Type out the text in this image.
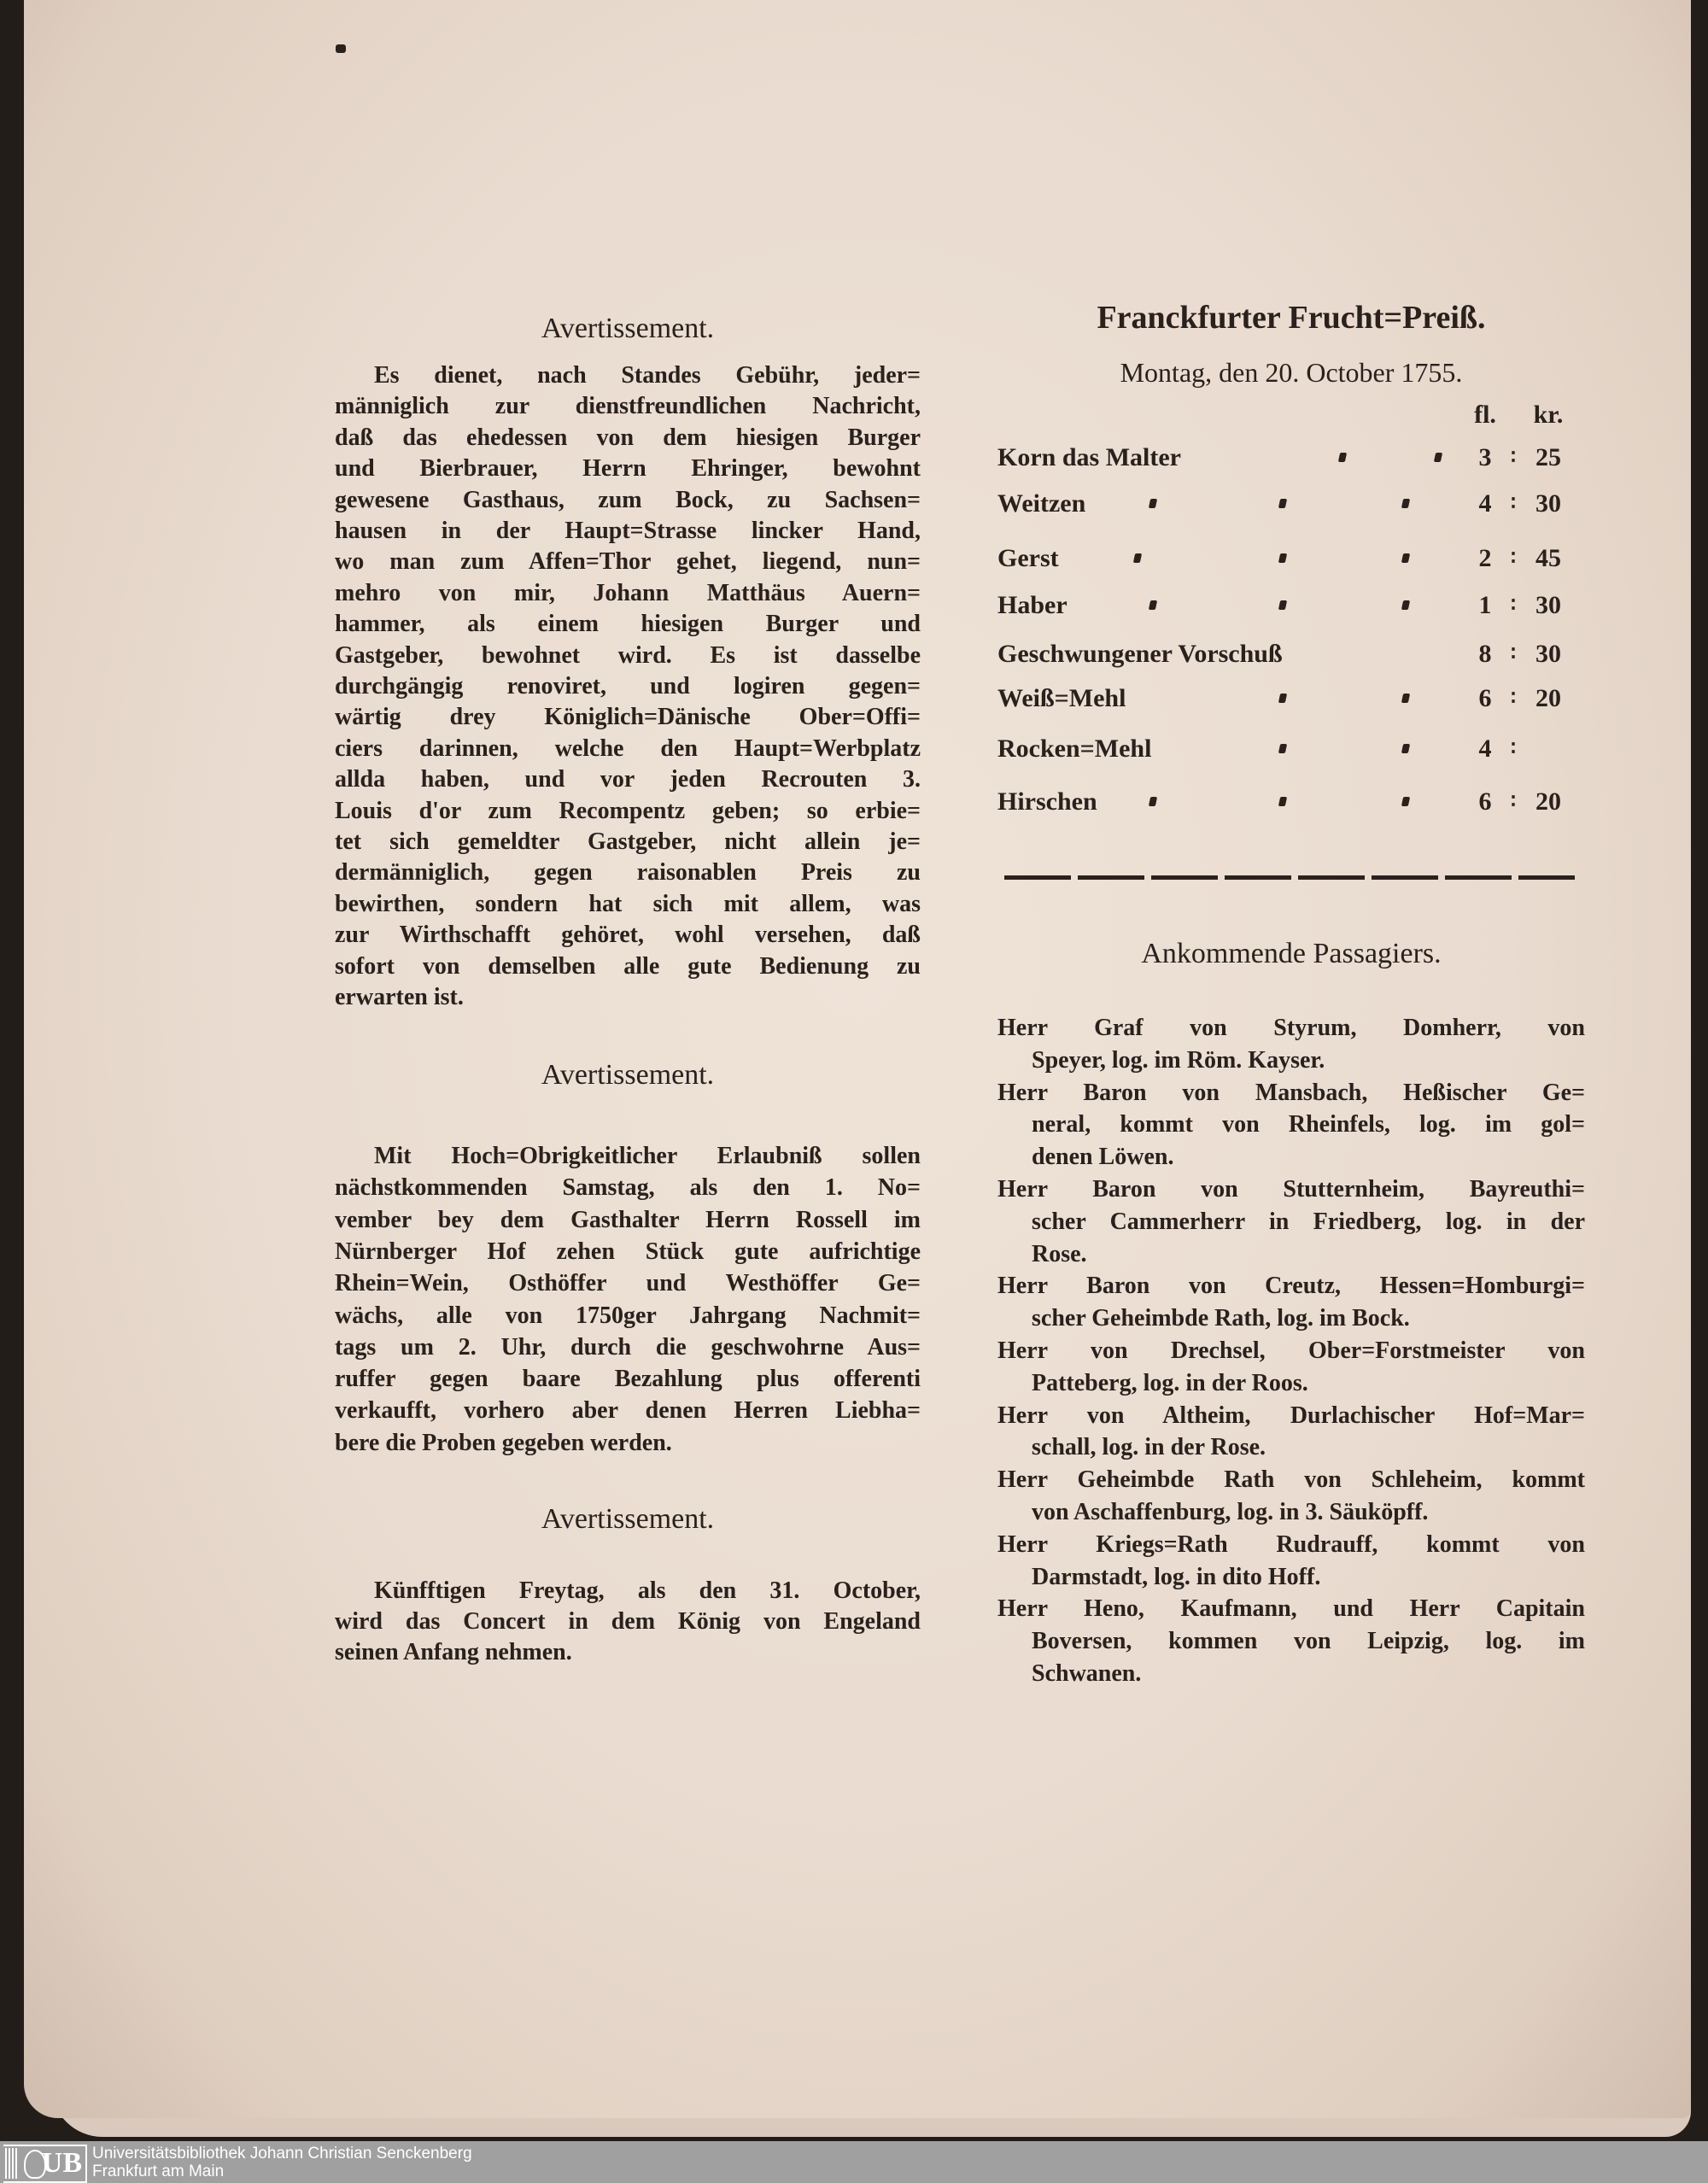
Avertissement.
Es dienet, nach Standes Gebühr, jeder=
männiglich zur dienstfreundlichen Nachricht,
daß das ehedessen von dem hiesigen Burger
und Bierbrauer, Herrn Ehringer, bewohnt
gewesene Gasthaus, zum Bock, zu Sachsen=
hausen in der Haupt=Strasse lincker Hand,
wo man zum Affen=Thor gehet, liegend, nun=
mehro von mir, Johann Matthäus Auern=
hammer, als einem hiesigen Burger und
Gastgeber, bewohnet wird. Es ist dasselbe
durchgängig renoviret, und logiren gegen=
wärtig drey Königlich=Dänische Ober=Offi=
ciers darinnen, welche den Haupt=Werbplatz
allda haben, und vor jeden Recrouten 3.
Louis d'or zum Recompentz geben; so erbie=
tet sich gemeldter Gastgeber, nicht allein je=
dermänniglich, gegen raisonablen Preis zu
bewirthen, sondern hat sich mit allem, was
zur Wirthschafft gehöret, wohl versehen, daß
sofort von demselben alle gute Bedienung zu
erwarten ist.
Avertissement.
Mit Hoch=Obrigkeitlicher Erlaubniß sollen
nächstkommenden Samstag, als den 1. No=
vember bey dem Gasthalter Herrn Rossell im
Nürnberger Hof zehen Stück gute aufrichtige
Rhein=Wein, Osthöffer und Westhöffer Ge=
wächs, alle von 1750ger Jahrgang Nachmit=
tags um 2. Uhr, durch die geschwohrne Aus=
ruffer gegen baare Bezahlung plus offerenti
verkaufft, vorhero aber denen Herren Liebha=
bere die Proben gegeben werden.
Avertissement.
Künfftigen Freytag, als den 31. October,
wird das Concert in dem König von Engeland
seinen Anfang nehmen.
Franckfurter Frucht=Preiß.
Montag, den 20. October 1755.
fl. kr.
Korn das Malter	3 ∶ 25
Weitzen	4 ∶ 30
Gerst	2 ∶ 45
Haber	1 ∶ 30
Geschwungener Vorschuß	8 ∶ 30
Weiß=Mehl	6 ∶ 20
Rocken=Mehl	4 ∶
Hirschen	6 ∶ 20
Ankommende Passagiers.
Herr Graf von Styrum, Domherr, von
Speyer, log. im Röm. Kayser.
Herr Baron von Mansbach, Heßischer Ge=
neral, kommt von Rheinfels, log. im gol=
denen Löwen.
Herr Baron von Stutternheim, Bayreuthi=
scher Cammerherr in Friedberg, log. in der
Rose.
Herr Baron von Creutz, Hessen=Homburgi=
scher Geheimbde Rath, log. im Bock.
Herr von Drechsel, Ober=Forstmeister von
Patteberg, log. in der Roos.
Herr von Altheim, Durlachischer Hof=Mar=
schall, log. in der Rose.
Herr Geheimbde Rath von Schleheim, kommt
von Aschaffenburg, log. in 3. Säuköpff.
Herr Kriegs=Rath Rudrauff, kommt von
Darmstadt, log. in dito Hoff.
Herr Heno, Kaufmann, und Herr Capitain
Boversen, kommen von Leipzig, log. im
Schwanen.
UB Universitätsbibliothek Johann Christian Senckenberg
Frankfurt am Main
